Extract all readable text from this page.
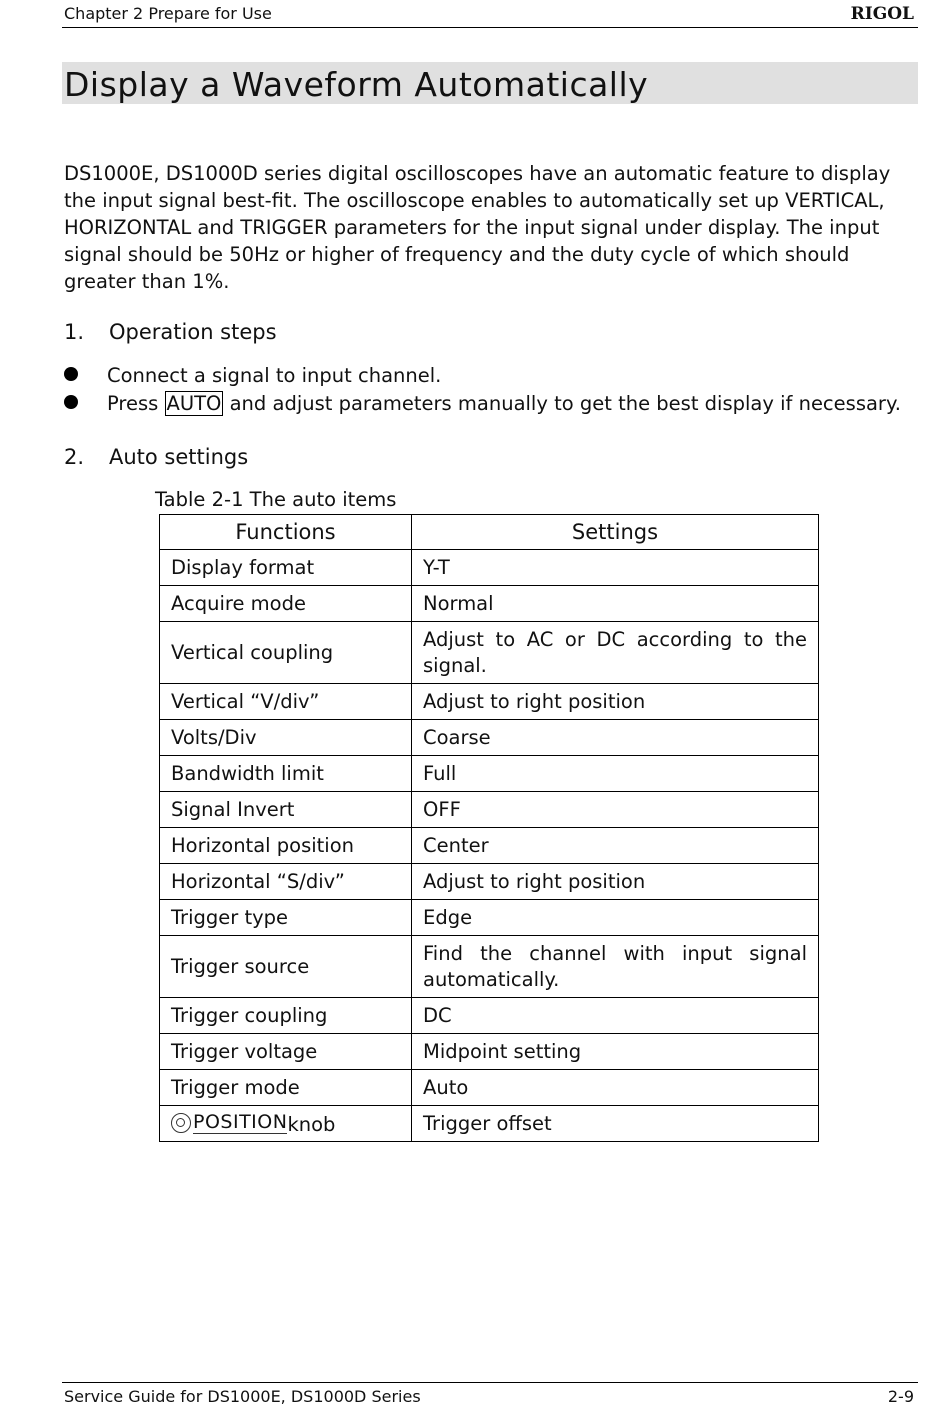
Chapter 2 Prepare for Use	RIGOL
Display a Waveform Automatically

DS1000E, DS1000D series digital oscilloscopes have an automatic feature to display the input signal best-fit. The oscilloscope enables to automatically set up VERTICAL, HORIZONTAL and TRIGGER parameters for the input signal under display. The input signal should be 50Hz or higher of frequency and the duty cycle of which should greater than 1%.

1. Operation steps
Connect a signal to input channel.
Press AUTO and adjust parameters manually to get the best display if necessary.
2. Auto settings
Table 2-1 The auto items
Functions	Settings
Display format	Y-T
Acquire mode	Normal
Vertical coupling	Adjust to AC or DC according to the signal.
Vertical “V/div”	Adjust to right position
Volts/Div	Coarse
Bandwidth limit	Full
Signal Invert	OFF
Horizontal position	Center
Horizontal “S/div”	Adjust to right position
Trigger type	Edge
Trigger source	Find the channel with input signal automatically.
Trigger coupling	DC
Trigger voltage	Midpoint setting
Trigger mode	Auto
POSITIONknob	Trigger offset
Service Guide for DS1000E, DS1000D Series	2-9
